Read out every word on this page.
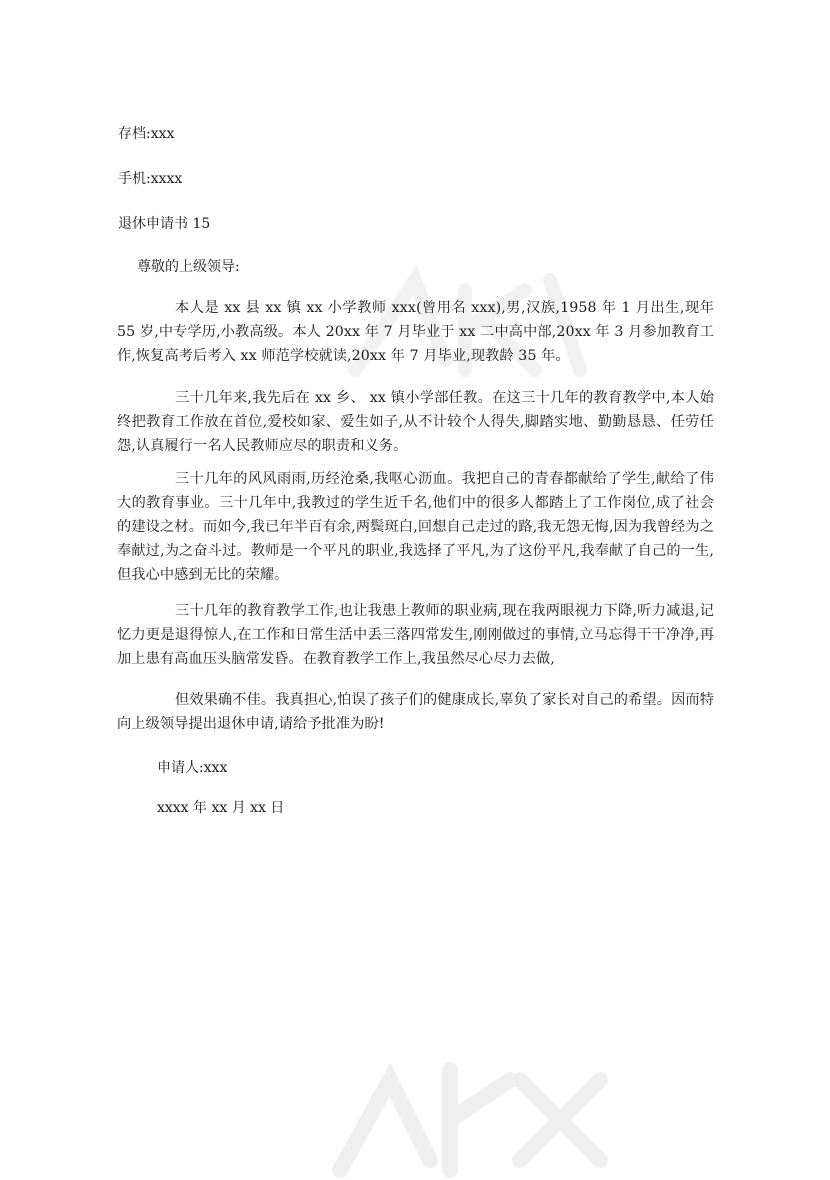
存档:xxx
手机:xxxx
退休申请书 15
尊敬的上级领导:
本人是 xx 县 xx 镇 xx 小学教师 xxx(曾用名 xxx),男,汉族,1958 年 1 月出生,现年 55 岁,中专学历,小教高级。本人 20xx 年 7 月毕业于 xx 二中高中部,20xx 年 3 月参加教育工作,恢复高考后考入 xx 师范学校就读,20xx 年 7 月毕业,现教龄 35 年。
三十几年来,我先后在 xx 乡、 xx 镇小学部任教。在这三十几年的教育教学中,本人始终把教育工作放在首位,爱校如家、爱生如子,从不计较个人得失,脚踏实地、勤勤恳恳、任劳任怨,认真履行一名人民教师应尽的职责和义务。
三十几年的风风雨雨,历经沧桑,我呕心沥血。我把自己的青春都献给了学生,献给了伟大的教育事业。三十几年中,我教过的学生近千名,他们中的很多人都踏上了工作岗位,成了社会的建设之材。而如今,我已年半百有余,两鬓斑白,回想自己走过的路,我无怨无悔,因为我曾经为之奉献过,为之奋斗过。教师是一个平凡的职业,我选择了平凡,为了这份平凡,我奉献了自己的一生,但我心中感到无比的荣耀。
三十几年的教育教学工作,也让我患上教师的职业病,现在我两眼视力下降,听力减退,记忆力更是退得惊人,在工作和日常生活中丢三落四常发生,刚刚做过的事情,立马忘得干干净净,再加上患有高血压头脑常发昏。在教育教学工作上,我虽然尽心尽力去做,
但效果确不佳。我真担心,怕误了孩子们的健康成长,辜负了家长对自己的希望。因而特向上级领导提出退休申请,请给予批准为盼!
申请人:xxx
xxxx 年 xx 月 xx 日
